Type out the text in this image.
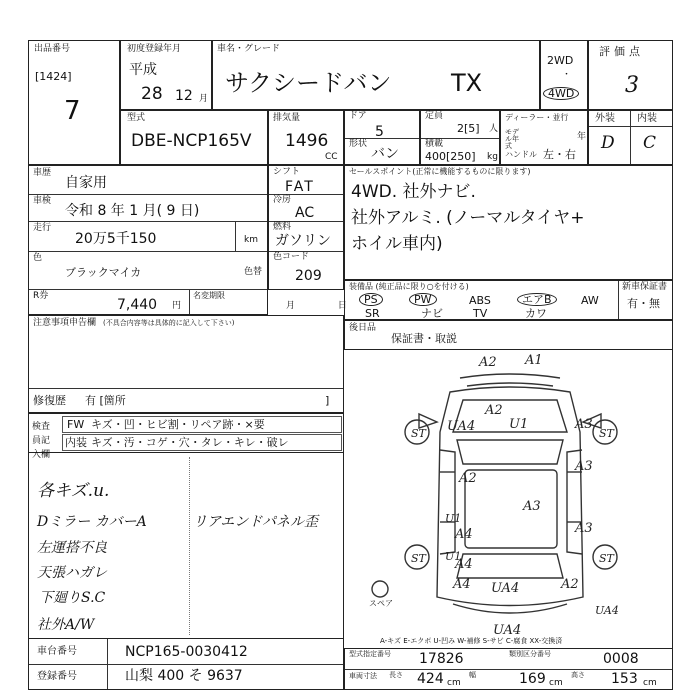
出品番号
[1424]
7
初度登録年月
平成
28 12 月
車名・グレード
サクシードバン TX
2WD
・
4WD
評価点
3
型式
DBE-NCP165V
排気量
1496
CC
ドア
5
形状
バン
定員
2[5] 人
積載
400[250] kg
ディーラー・並行
モデル年式
年
ハンドル 左・右
外装 内装
D C
車歴
自家用
車検
令和 8 年 1 月( 9 日)
走行
20万5千150	km
色
ブラックマイカ
R券
7,440 円
名変期限
シフト
FAT
冷房
AC
燃料
ガソリン
色コード
209
色替
月 日
セールスポイント(正常に機能するものに限ります)
4WD. 社外ナビ.
社外アルミ. (ノーマルタイヤ+
ホイル車内)
装備品 (純正品に限り○を付ける)
PS	PW	ABS	エアB	AW
SR	ナビ	TV	カワ
新車保証書
有・無
注意事項申告欄 (不具合内容等は具体的に記入して下さい)
修復歴 有 [箇所	]
後日品
保証書・取説
検査員記入欄
FW キズ・凹・ヒビ割・リペア跡・×要
内装 キズ・汚・コゲ・穴・タレ・キレ・破レ
各キズ.u.
Dミラー カバーA
左運搭不良
天張ハガレ
下廻りS.C
社外A/W
リアエンドパネル歪
A2 A1
A2
U1
UA4	A3
ST	ST
A2
A3
A3
U1
A4
A3
ST	ST
U1
A4
A4 UA4
UA4
UA4
A2
スペア
A-キズ E-エクボ U-凹み W-補修 S-サビ C-腐食 XX-交換済
車台番号	NCP165-0030412
登録番号	山梨 400 そ 9637
型式指定番号 17826	類別区分番号	0008
車両寸法 長さ 424 cm
幅	169 cm
高さ 153 cm
